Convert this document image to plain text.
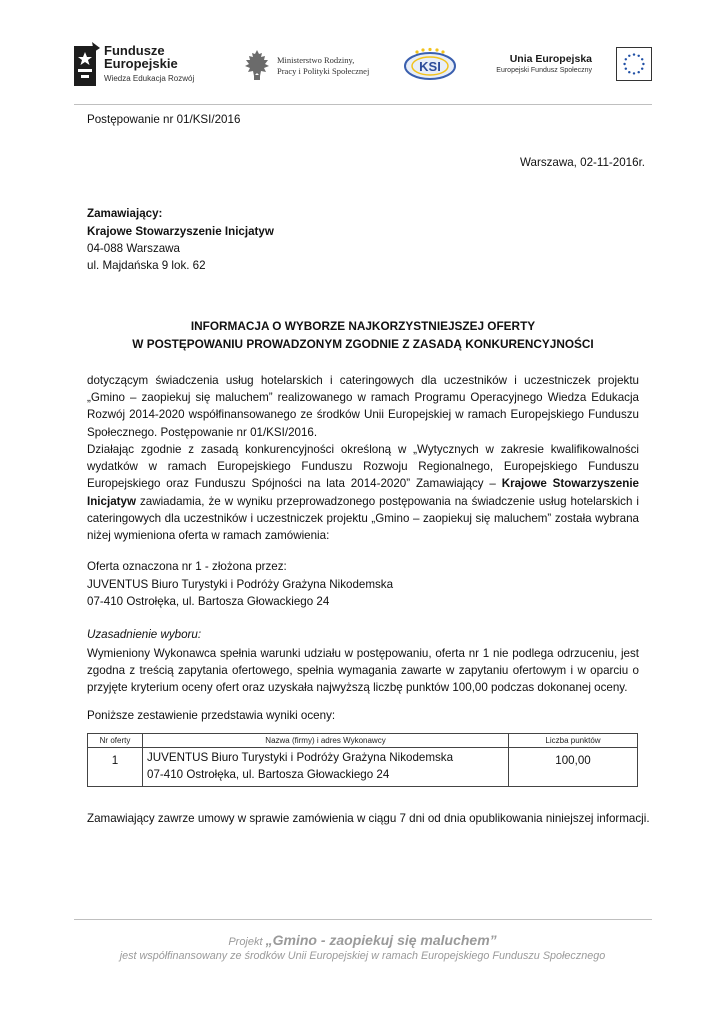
Fundusze
Europejskie
Wiedza Edukacja Rozwój
Ministerstwo Rodziny,
Pracy i Polityki Społecznej	KSI	Unia Europejska
Europejski Fundusz Społeczny
Postępowanie nr 01/KSI/2016
Warszawa, 02-11-2016r.
Zamawiający:
Krajowe Stowarzyszenie Inicjatyw
04-088 Warszawa
ul. Majdańska 9 lok. 62
INFORMACJA O WYBORZE NAJKORZYSTNIEJSZEJ OFERTY
W POSTĘPOWANIU PROWADZONYM ZGODNIE Z ZASADĄ KONKURENCYJNOŚCI
dotyczącym świadczenia usług hotelarskich i cateringowych dla uczestników i uczestniczek projektu „Gmino – zaopiekuj się maluchem” realizowanego w ramach Programu Operacyjnego Wiedza Edukacja Rozwój 2014-2020 współfinansowanego ze środków Unii Europejskiej w ramach Europejskiego Funduszu Społecznego. Postępowanie nr 01/KSI/2016.
Działając zgodnie z zasadą konkurencyjności określoną w „Wytycznych w zakresie kwalifikowalności wydatków w ramach Europejskiego Funduszu Rozwoju Regionalnego, Europejskiego Funduszu Europejskiego oraz Funduszu Spójności na lata 2014-2020” Zamawiający – Krajowe Stowarzyszenie Inicjatyw zawiadamia, że w wyniku przeprowadzonego postępowania na świadczenie usług hotelarskich i cateringowych dla uczestników i uczestniczek projektu „Gmino – zaopiekuj się maluchem” została wybrana niżej wymieniona oferta w ramach zamówienia:
Oferta oznaczona nr 1 - złożona przez:
JUVENTUS Biuro Turystyki i Podróży Grażyna Nikodemska
07-410 Ostrołęka, ul. Bartosza Głowackiego 24
Uzasadnienie wyboru:
Wymieniony Wykonawca spełnia warunki udziału w postępowaniu, oferta nr 1 nie podlega odrzuceniu, jest zgodna z treścią zapytania ofertowego, spełnia wymagania zawarte w zapytaniu ofertowym i w oparciu o przyjęte kryterium oceny ofert oraz uzyskała najwyższą liczbę punktów 100,00 podczas dokonanej oceny.
Poniższe zestawienie przedstawia wyniki oceny:
Nr oferty	Nazwa (firmy) i adres Wykonawcy	Liczba punktów
1	JUVENTUS Biuro Turystyki i Podróży Grażyna Nikodemska
07-410 Ostrołęka, ul. Bartosza Głowackiego 24	100,00
Zamawiający zawrze umowy w sprawie zamówienia w ciągu 7 dni od dnia opublikowania niniejszej informacji.
Projekt „Gmino - zaopiekuj się maluchem”
jest współfinansowany ze środków Unii Europejskiej w ramach Europejskiego Funduszu Społecznego
